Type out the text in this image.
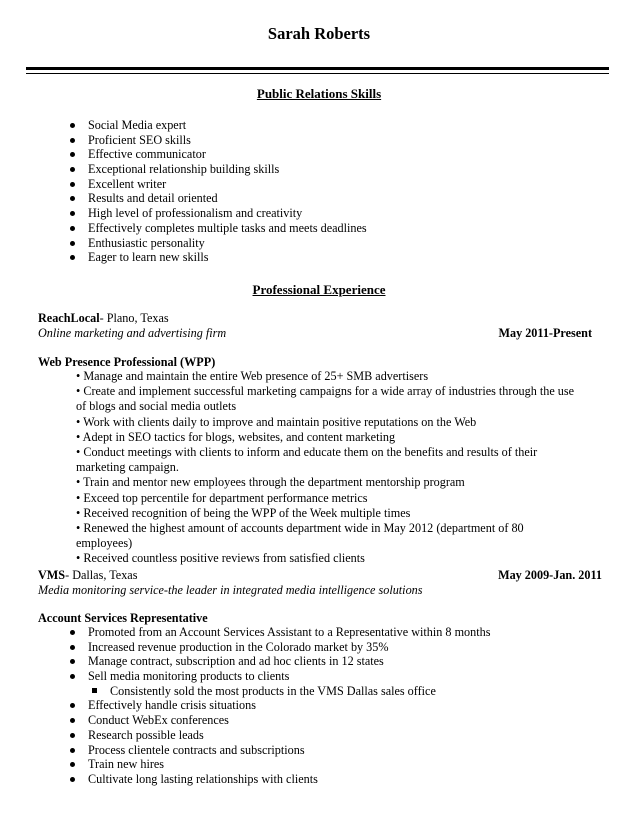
Sarah Roberts
Public Relations Skills
Social Media expert
Proficient SEO skills
Effective communicator
Exceptional relationship building skills
Excellent writer
Results and detail oriented
High level of professionalism and creativity
Effectively completes multiple tasks and meets deadlines
Enthusiastic personality
Eager to learn new skills
Professional Experience
ReachLocal- Plano, Texas
Online marketing and advertising firm	May 2011-Present
Web Presence Professional (WPP)

• Manage and maintain the entire Web presence of 25+ SMB advertisers

• Create and implement successful marketing campaigns for a wide array of industries through the use

of blogs and social media outlets

• Work with clients daily to improve and maintain positive reputations on the Web

• Adept in SEO tactics for blogs, websites, and content marketing

• Conduct meetings with clients to inform and educate them on the benefits and results of their

marketing campaign.

• Train and mentor new employees through the department mentorship program

• Exceed top percentile for department performance metrics

• Received recognition of being the WPP of the Week multiple times

• Renewed the highest amount of accounts department wide in May 2012 (department of 80

employees)

• Received countless positive reviews from satisfied clients

VMS- Dallas, Texas
Media monitoring service-the leader in integrated media intelligence solutions
May 2009-Jan. 2011
Account Services Representative
Promoted from an Account Services Assistant to a Representative within 8 months
Increased revenue production in the Colorado market by 35%
Manage contract, subscription and ad hoc clients in 12 states
Sell media monitoring products to clients
Consistently sold the most products in the VMS Dallas sales office
Effectively handle crisis situations
Conduct WebEx conferences
Research possible leads
Process clientele contracts and subscriptions
Train new hires
Cultivate long lasting relationships with clients
